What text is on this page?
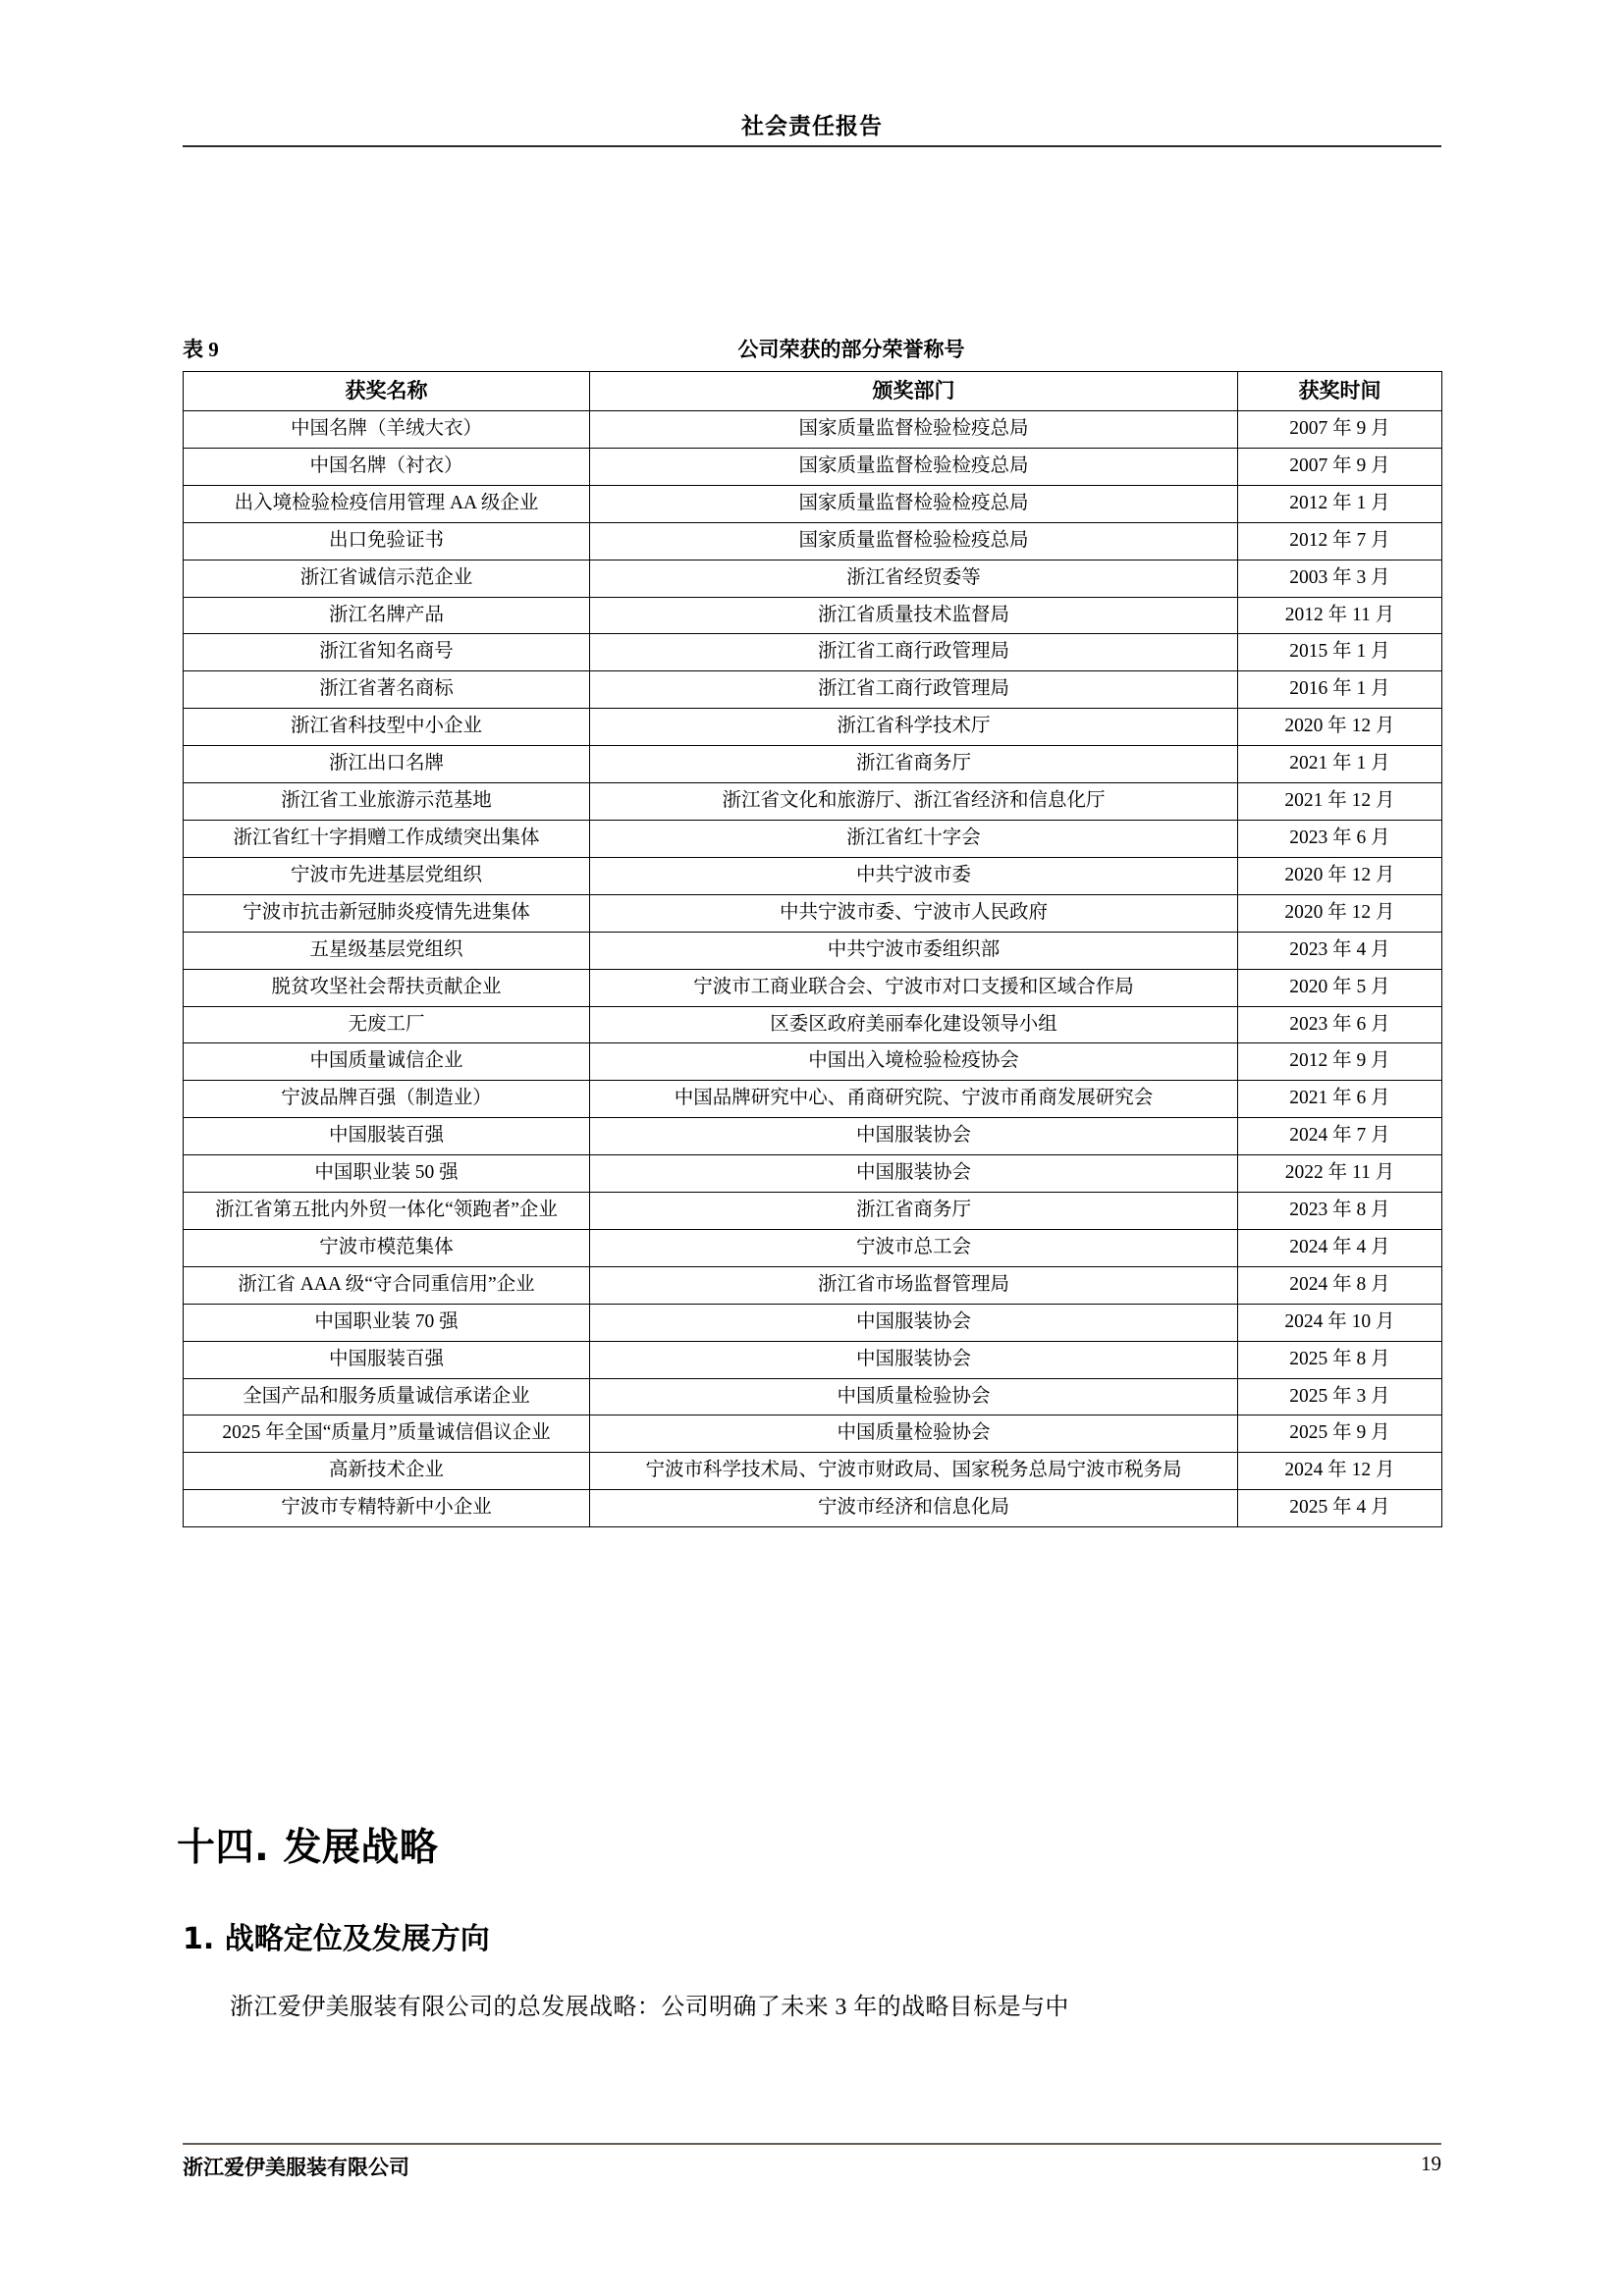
社会责任报告
表 9	公司荣获的部分荣誉称号
获奖名称	颁奖部门	获奖时间
中国名牌（羊绒大衣）	国家质量监督检验检疫总局	2007 年 9 月
中国名牌（衬衣）	国家质量监督检验检疫总局	2007 年 9 月
出入境检验检疫信用管理 AA 级企业	国家质量监督检验检疫总局	2012 年 1 月
出口免验证书	国家质量监督检验检疫总局	2012 年 7 月
浙江省诚信示范企业	浙江省经贸委等	2003 年 3 月
浙江名牌产品	浙江省质量技术监督局	2012 年 11 月
浙江省知名商号	浙江省工商行政管理局	2015 年 1 月
浙江省著名商标	浙江省工商行政管理局	2016 年 1 月
浙江省科技型中小企业	浙江省科学技术厅	2020 年 12 月
浙江出口名牌	浙江省商务厅	2021 年 1 月
浙江省工业旅游示范基地	浙江省文化和旅游厅、浙江省经济和信息化厅	2021 年 12 月
浙江省红十字捐赠工作成绩突出集体	浙江省红十字会	2023 年 6 月
宁波市先进基层党组织	中共宁波市委	2020 年 12 月
宁波市抗击新冠肺炎疫情先进集体	中共宁波市委、宁波市人民政府	2020 年 12 月
五星级基层党组织	中共宁波市委组织部	2023 年 4 月
脱贫攻坚社会帮扶贡献企业	宁波市工商业联合会、宁波市对口支援和区域合作局	2020 年 5 月
无废工厂	区委区政府美丽奉化建设领导小组	2023 年 6 月
中国质量诚信企业	中国出入境检验检疫协会	2012 年 9 月
宁波品牌百强（制造业）	中国品牌研究中心、甬商研究院、宁波市甬商发展研究会	2021 年 6 月
中国服装百强	中国服装协会	2024 年 7 月
中国职业装 50 强	中国服装协会	2022 年 11 月
浙江省第五批内外贸一体化“领跑者”企业	浙江省商务厅	2023 年 8 月
宁波市模范集体	宁波市总工会	2024 年 4 月
浙江省 AAA 级“守合同重信用”企业	浙江省市场监督管理局	2024 年 8 月
中国职业装 70 强	中国服装协会	2024 年 10 月
中国服装百强	中国服装协会	2025 年 8 月
全国产品和服务质量诚信承诺企业	中国质量检验协会	2025 年 3 月
2025 年全国“质量月”质量诚信倡议企业	中国质量检验协会	2025 年 9 月
高新技术企业	宁波市科学技术局、宁波市财政局、国家税务总局宁波市税务局	2024 年 12 月
宁波市专精特新中小企业	宁波市经济和信息化局	2025 年 4 月
十四. 发展战略
1. 战略定位及发展方向
浙江爱伊美服装有限公司的总发展战略：公司明确了未来 3 年的战略目标是与中
浙江爱伊美服装有限公司	19
